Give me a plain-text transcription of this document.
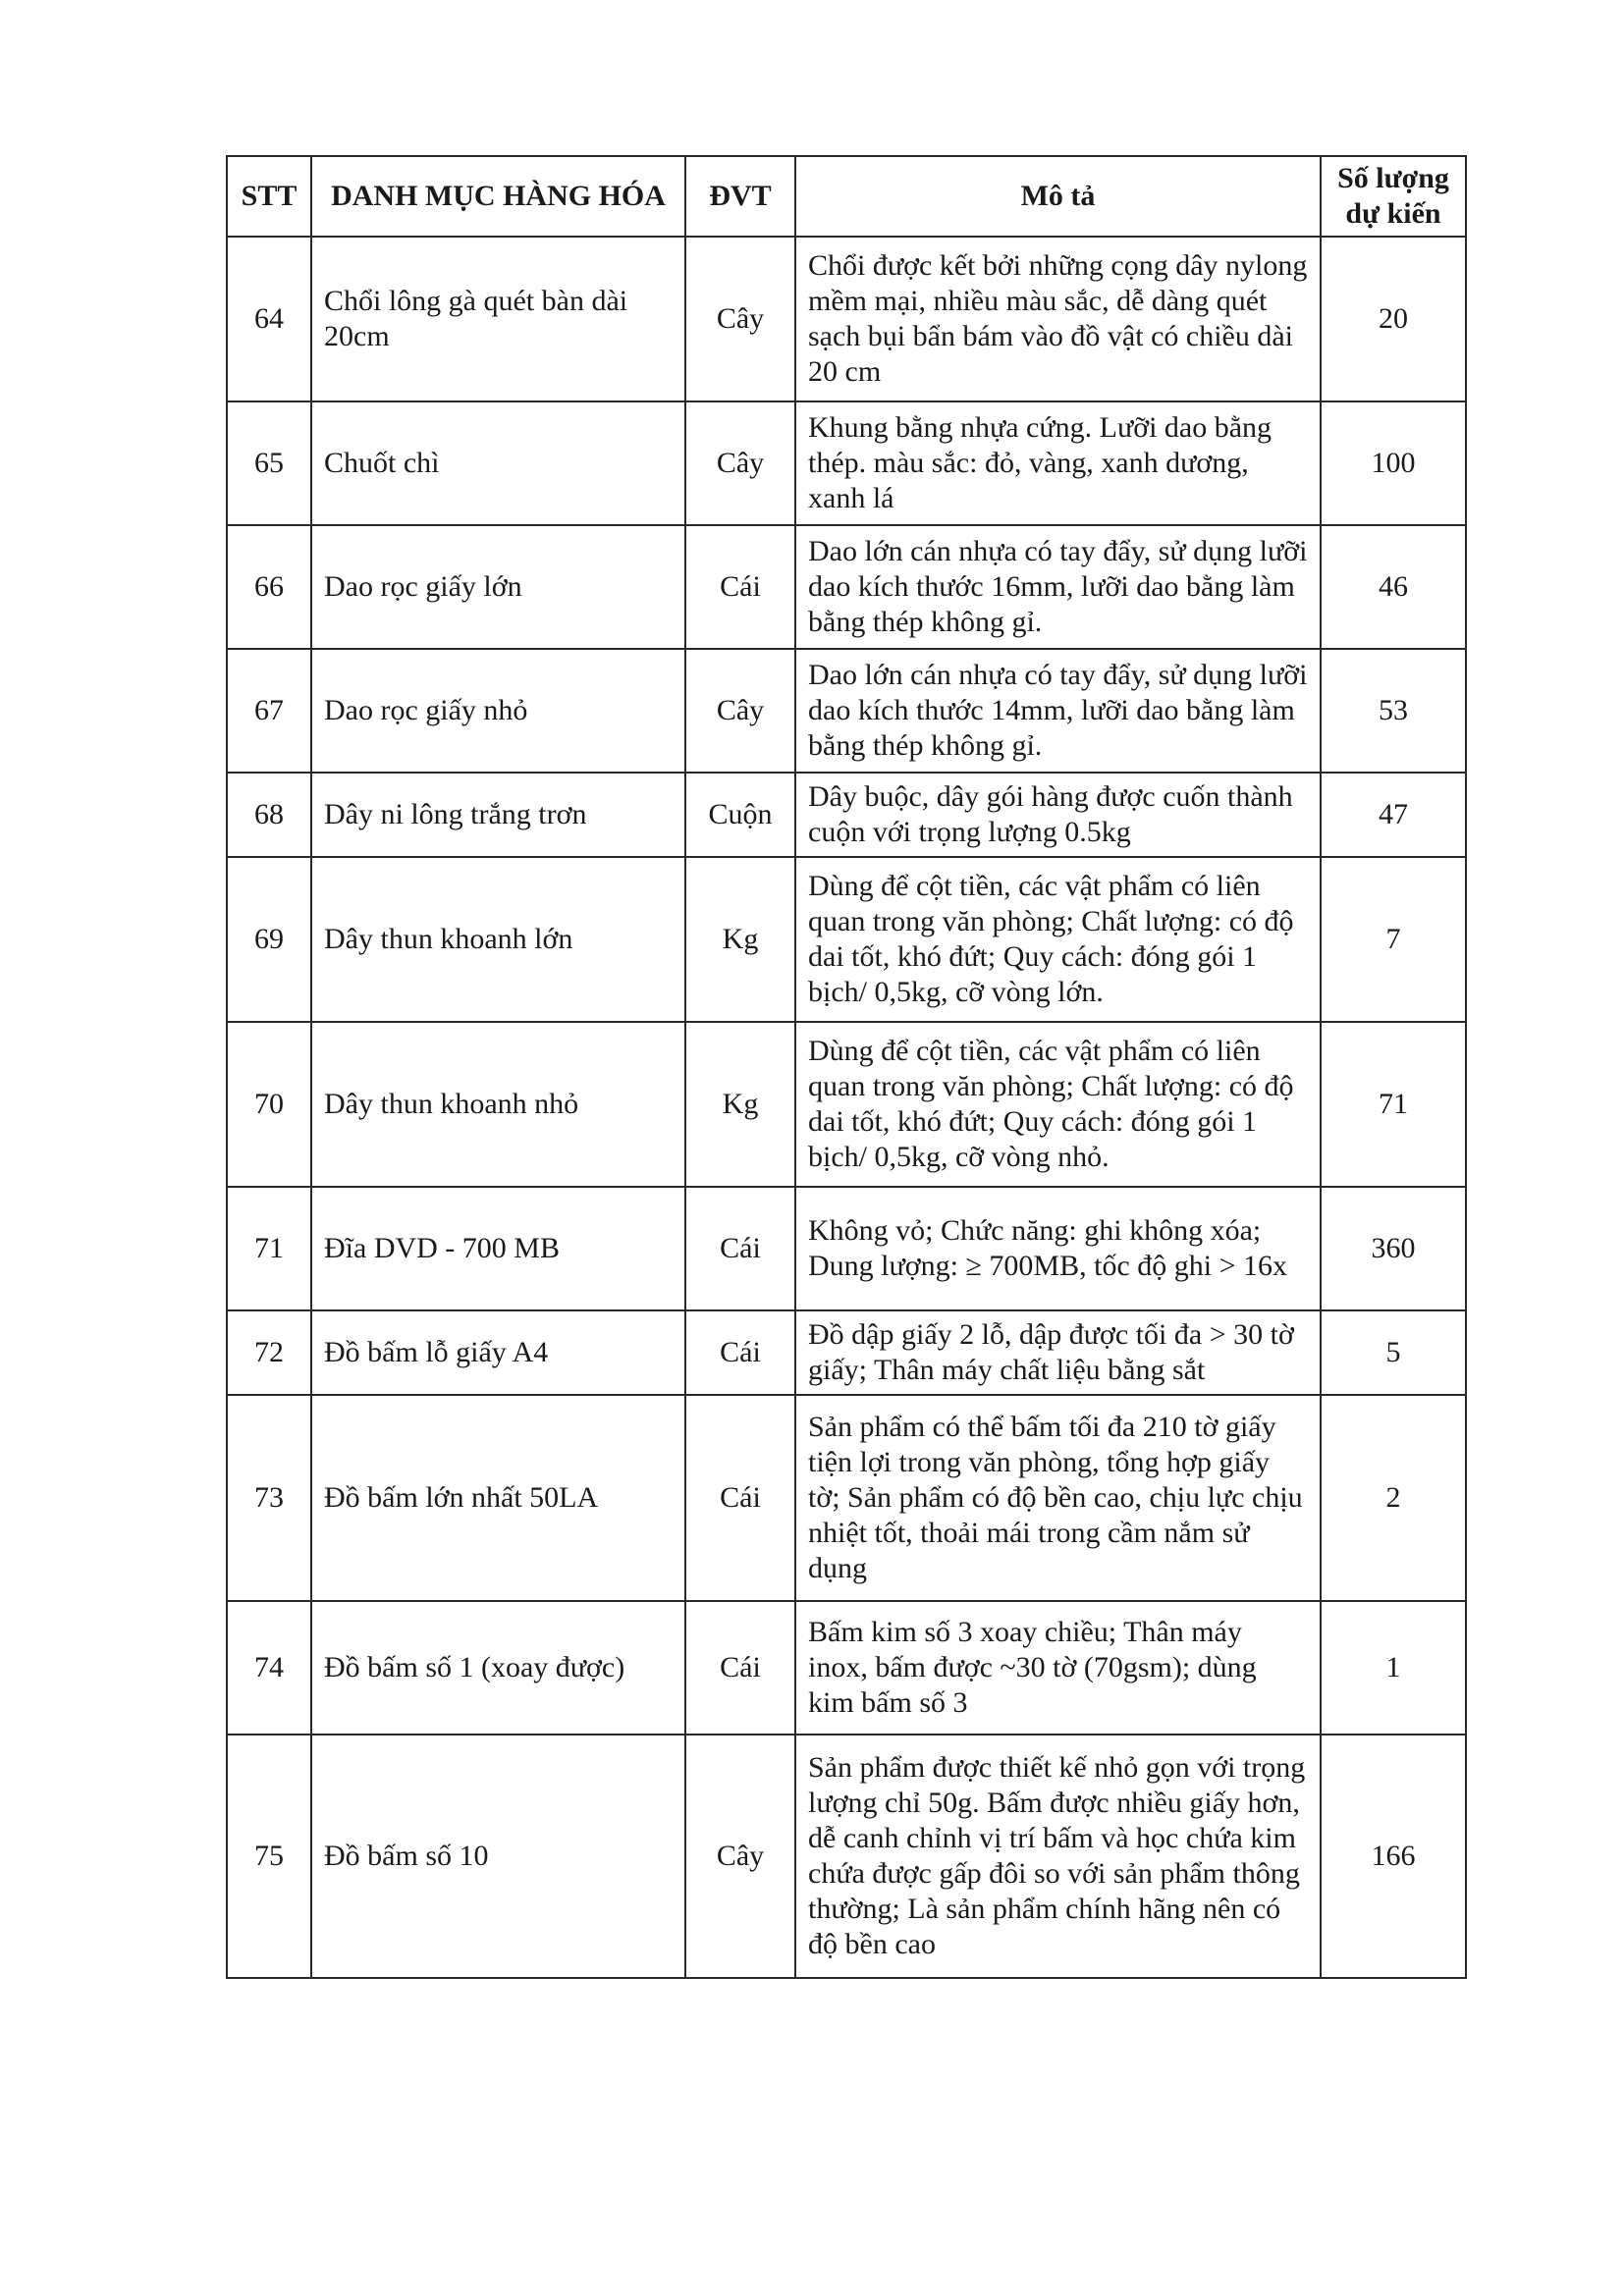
STT	DANH MỤC HÀNG HÓA	ĐVT	Mô tả	Số lượng dự kiến
64	Chổi lông gà quét bàn dài 20cm	Cây	Chổi được kết bởi những cọng dây nylong mềm mại, nhiều màu sắc, dễ dàng quét sạch bụi bẩn bám vào đồ vật có chiều dài 20 cm	20
65	Chuốt chì	Cây	Khung bằng nhựa cứng. Lưỡi dao bằng thép. màu sắc: đỏ, vàng, xanh dương, xanh lá	100
66	Dao rọc giấy lớn	Cái	Dao lớn cán nhựa có tay đẩy, sử dụng lưỡi dao kích thước 16mm, lưỡi dao bằng làm bằng thép không gỉ.	46
67	Dao rọc giấy nhỏ	Cây	Dao lớn cán nhựa có tay đẩy, sử dụng lưỡi dao kích thước 14mm, lưỡi dao bằng làm bằng thép không gỉ.	53
68	Dây ni lông trắng trơn	Cuộn	Dây buộc, dây gói hàng được cuốn thành cuộn với trọng lượng 0.5kg	47
69	Dây thun khoanh lớn	Kg	Dùng để cột tiền, các vật phẩm có liên quan trong văn phòng; Chất lượng: có độ dai tốt, khó đứt; Quy cách: đóng gói 1 bịch/ 0,5kg, cỡ vòng lớn.	7
70	Dây thun khoanh nhỏ	Kg	Dùng để cột tiền, các vật phẩm có liên quan trong văn phòng; Chất lượng: có độ dai tốt, khó đứt; Quy cách: đóng gói 1 bịch/ 0,5kg, cỡ vòng nhỏ.	71
71	Đĩa DVD - 700 MB	Cái	Không vỏ; Chức năng: ghi không xóa; Dung lượng: ≥ 700MB, tốc độ ghi > 16x	360
72	Đồ bấm lỗ giấy A4	Cái	Đồ dập giấy 2 lỗ, dập được tối đa > 30 tờ giấy; Thân máy chất liệu bằng sắt	5
73	Đồ bấm lớn nhất 50LA	Cái	Sản phẩm có thể bấm tối đa 210 tờ giấy tiện lợi trong văn phòng, tổng hợp giấy tờ; Sản phẩm có độ bền cao, chịu lực chịu nhiệt tốt, thoải mái trong cầm nắm sử dụng	2
74	Đồ bấm số 1 (xoay được)	Cái	Bấm kim số 3 xoay chiều; Thân máy inox, bấm được ~30 tờ (70gsm); dùng kim bấm số 3	1
75	Đồ bấm số 10	Cây	Sản phẩm được thiết kế nhỏ gọn với trọng lượng chỉ 50g. Bấm được nhiều giấy hơn, dễ canh chỉnh vị trí bấm và học chứa kim chứa được gấp đôi so với sản phẩm thông thường; Là sản phẩm chính hãng nên có độ bền cao	166
